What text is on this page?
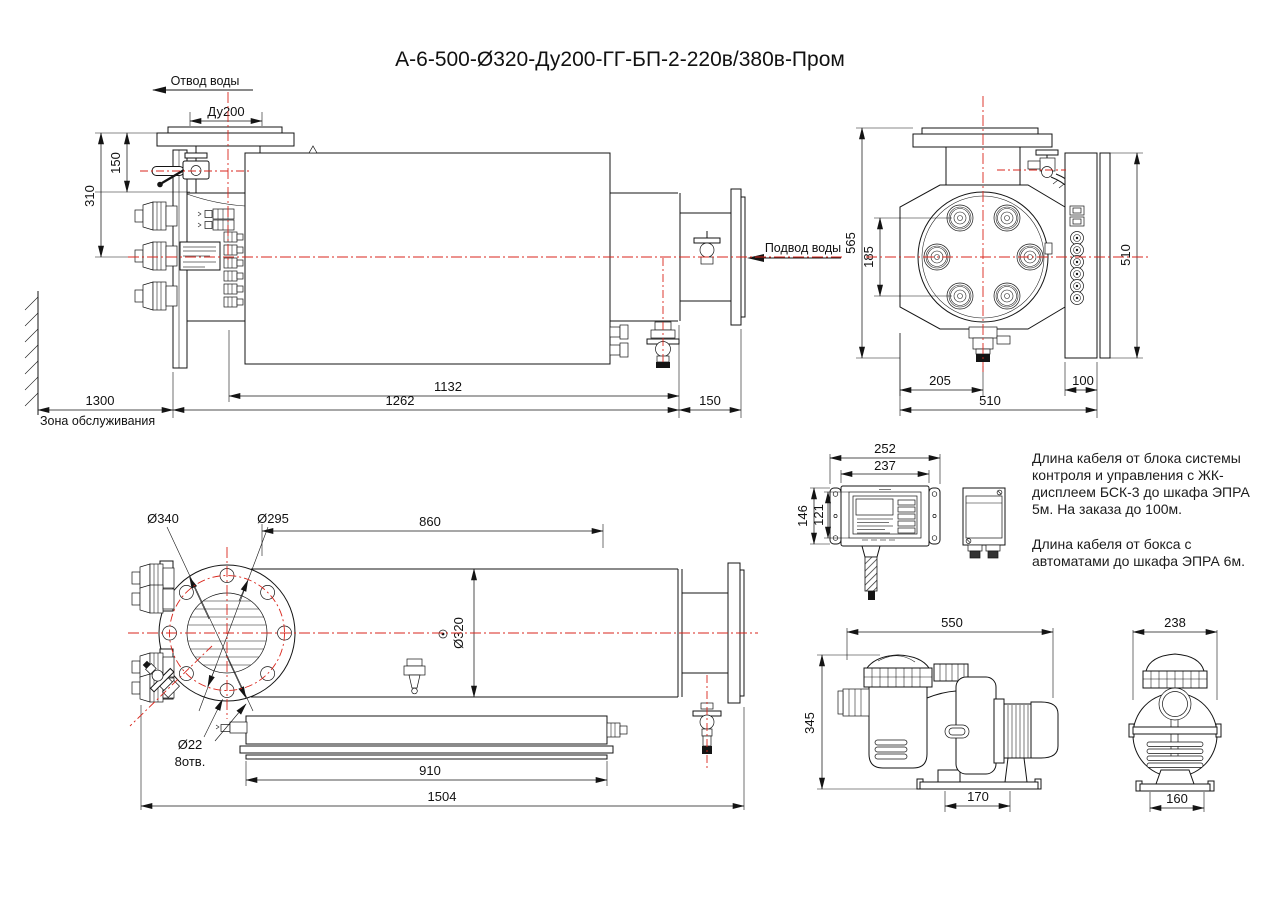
А-6-500-Ø320-Ду200-ГГ-БП-2-220в/380в-Пром
Отвод воды
Подвод воды
Ду200
150
310
1132
1262	150
1300
Зона обслуживания
565
185	510
205	100
510
252
237
146 121
860
Ø340	Ø295
Ø22
8отв.
Ø320
910
1504
550
345
170
238
160

Длина кабеля от блока системы контроля и управления с ЖК-дисплеем БСК-3 до шкафа ЭПРА 5м. На заказа до 100м.

Длина кабеля от бокса с автоматами до шкафа ЭПРА 6м.
